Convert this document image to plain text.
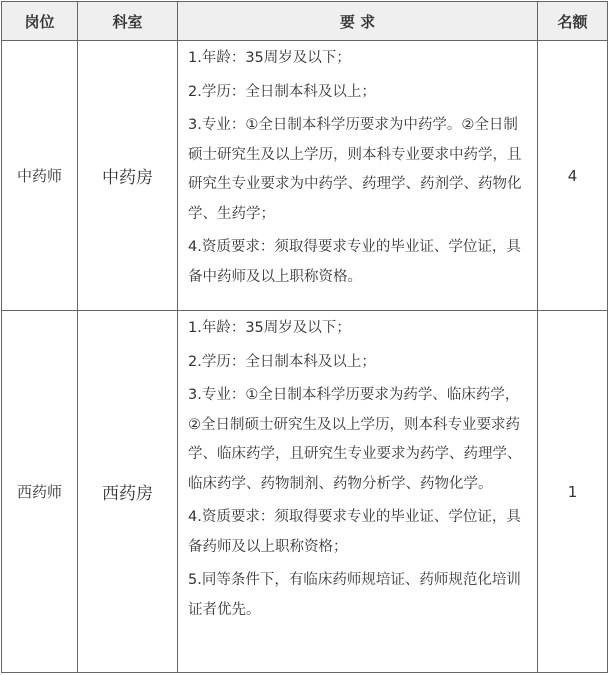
岗位	科室	要 求	名额
中药师	中药房	1.年龄：35周岁及以下；

2.学历：全日制本科及以上；

3.专业：①全日制本科学历要求为中药学。②全日制硕士研究生及以上学历，则本科专业要求中药学，且研究生专业要求为中药学、药理学、药剂学、药物化学、生药学；

4.资质要求：须取得要求专业的毕业证、学位证，具备中药师及以上职称资格。	4
西药师	西药房	1.年龄：35周岁及以下；

2.学历：全日制本科及以上；

3.专业：①全日制本科学历要求为药学、临床药学，②全日制硕士研究生及以上学历，则本科专业要求药学、临床药学，且研究生专业要求为药学、药理学、临床药学、药物制剂、药物分析学、药物化学。

4.资质要求：须取得要求专业的毕业证、学位证，具备药师及以上职称资格；

5.同等条件下，有临床药师规培证、药师规范化培训证者优先。	1
